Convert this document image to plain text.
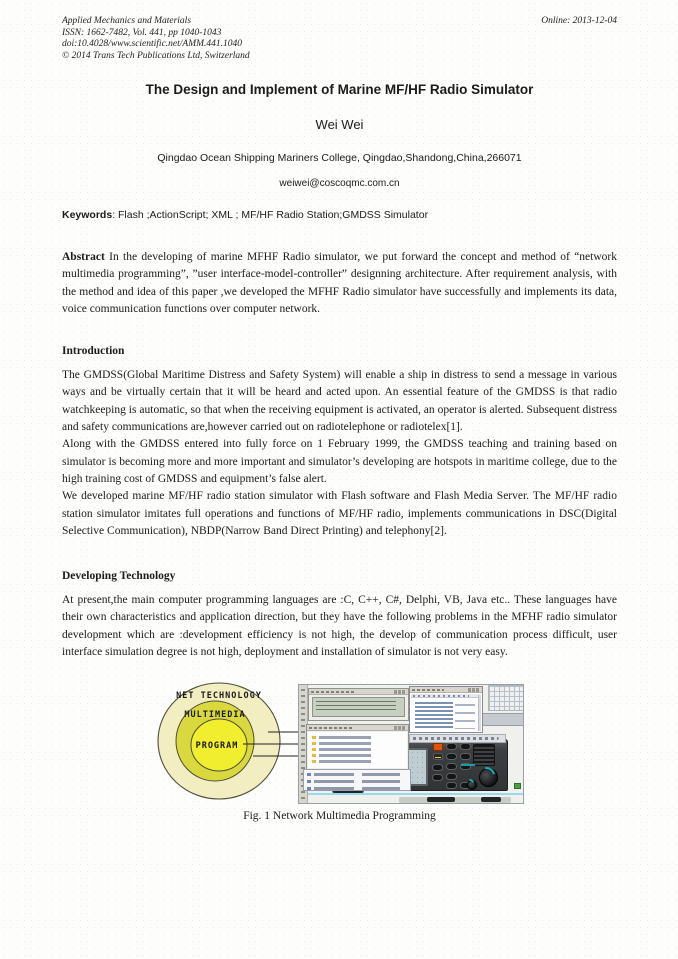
Applied Mechanics and Materials
ISSN: 1662-7482, Vol. 441, pp 1040-1043
doi:10.4028/www.scientific.net/AMM.441.1040
© 2014 Trans Tech Publications Ltd, Switzerland
Online: 2013-12-04
The Design and Implement of Marine MF/HF Radio Simulator
Wei Wei
Qingdao Ocean Shipping Mariners College, Qingdao,Shandong,China,266071
weiwei@coscoqmc.com.cn
Keywords: Flash ;ActionScript; XML ; MF/HF Radio Station;GMDSS Simulator

Abstract In the developing of marine MFHF Radio simulator, we put forward the concept and method of “network multimedia programming”, ”user interface-model-controller” designning architecture. After requirement analysis, with the method and idea of this paper ,we developed the MFHF Radio simulator have successfully and implements its data, voice communication functions over computer network.

Introduction

The GMDSS(Global Maritime Distress and Safety System) will enable a ship in distress to send a message in various ways and be virtually certain that it will be heard and acted upon. An essential feature of the GMDSS is that radio watchkeeping is automatic, so that when the receiving equipment is activated, an operator is alerted. Subsequent distress and safety communications are,however carried out on radiotelephone or radiotelex[1].

Along with the GMDSS entered into fully force on 1 February 1999, the GMDSS teaching and training based on simulator is becoming more and more important and simulator’s developing are hotspots in maritime college, due to the high training cost of GMDSS and equipment’s false alert.

We developed marine MF/HF radio station simulator with Flash software and Flash Media Server. The MF/HF radio station simulator imitates full operations and functions of MF/HF radio, implements communications in DSC(Digital Selective Communication), NBDP(Narrow Band Direct Printing) and telephony[2].

Developing Technology

At present,the main computer programming languages are :C, C++, C#, Delphi, VB, Java etc.. These languages have their own characteristics and application direction, but they have the following problems in the MFHF radio simulator development which are :development efficiency is not high, the develop of communication process difficult, user interface simulation degree is not high, deployment and installation of simulator is not very easy.

NET TECHNOLOGY
MULTIMEDIA
PROGRAM
Fig. 1 Network Multimedia Programming
